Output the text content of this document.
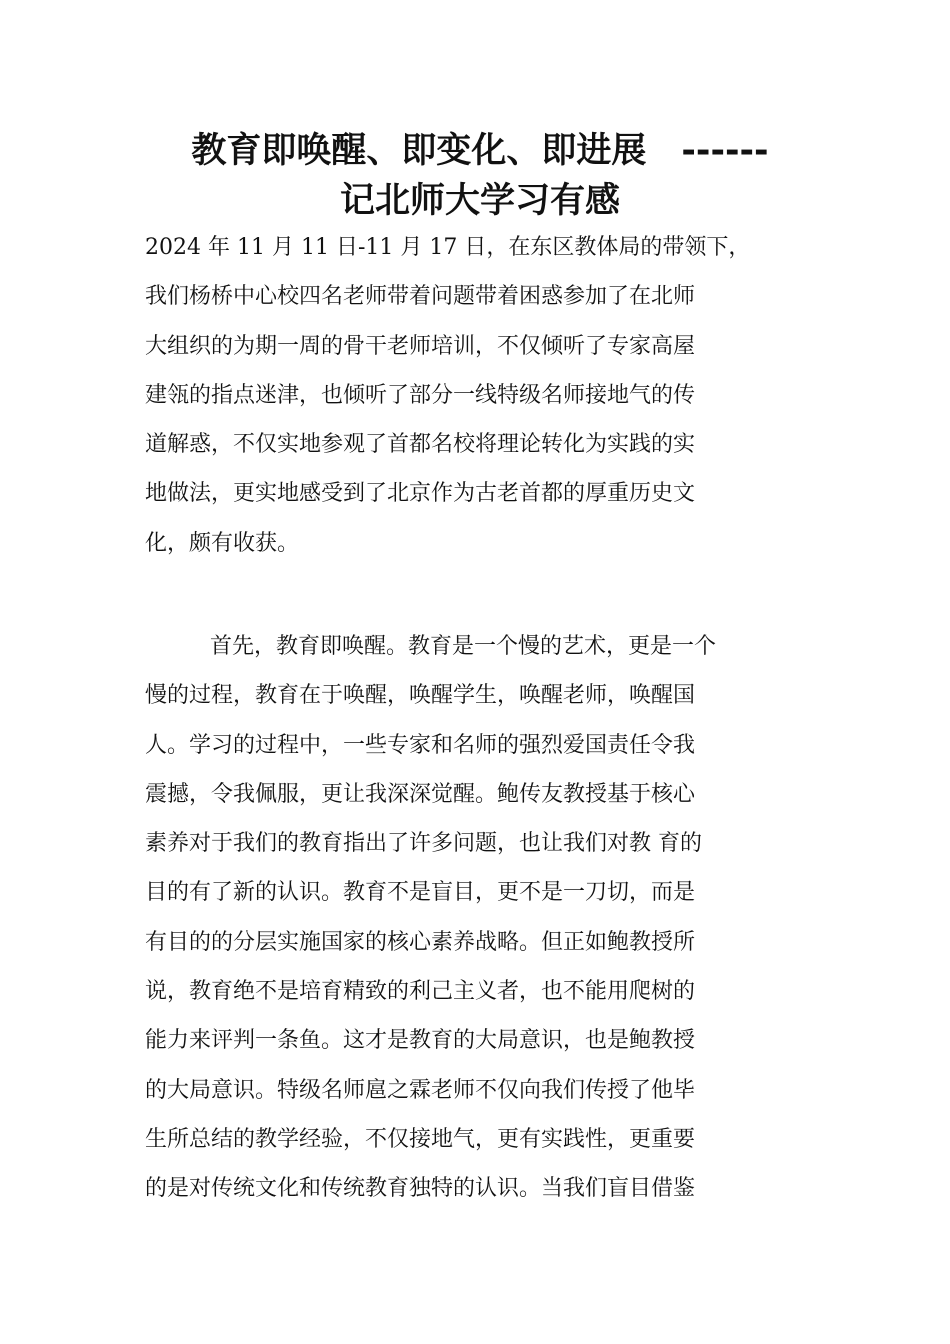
教育即唤醒、即变化、即进展　------
记北师大学习有感
2024 年 11 月 11 日-11 月 17 日，在东区教体局的带领下，
我们杨桥中心校四名老师带着问题带着困惑参加了在北师
大组织的为期一周的骨干老师培训，不仅倾听了专家高屋
建瓴的指点迷津，也倾听了部分一线特级名师接地气的传
道解惑，不仅实地参观了首都名校将理论转化为实践的实
地做法，更实地感受到了北京作为古老首都的厚重历史文
化，颇有收获。
首先，教育即唤醒。教育是一个慢的艺术，更是一个
慢的过程，教育在于唤醒，唤醒学生，唤醒老师，唤醒国
人。学习的过程中，一些专家和名师的强烈爱国责任令我
震撼，令我佩服，更让我深深觉醒。鲍传友教授基于核心
素养对于我们的教育指出了许多问题，也让我们对教 育的
目的有了新的认识。教育不是盲目，更不是一刀切，而是
有目的的分层实施国家的核心素养战略。但正如鲍教授所
说，教育绝不是培育精致的利己主义者，也不能用爬树的
能力来评判一条鱼。这才是教育的大局意识，也是鲍教授
的大局意识。特级名师扈之霖老师不仅向我们传授了他毕
生所总结的教学经验，不仅接地气，更有实践性，更重要
的是对传统文化和传统教育独特的认识。当我们盲目借鉴
